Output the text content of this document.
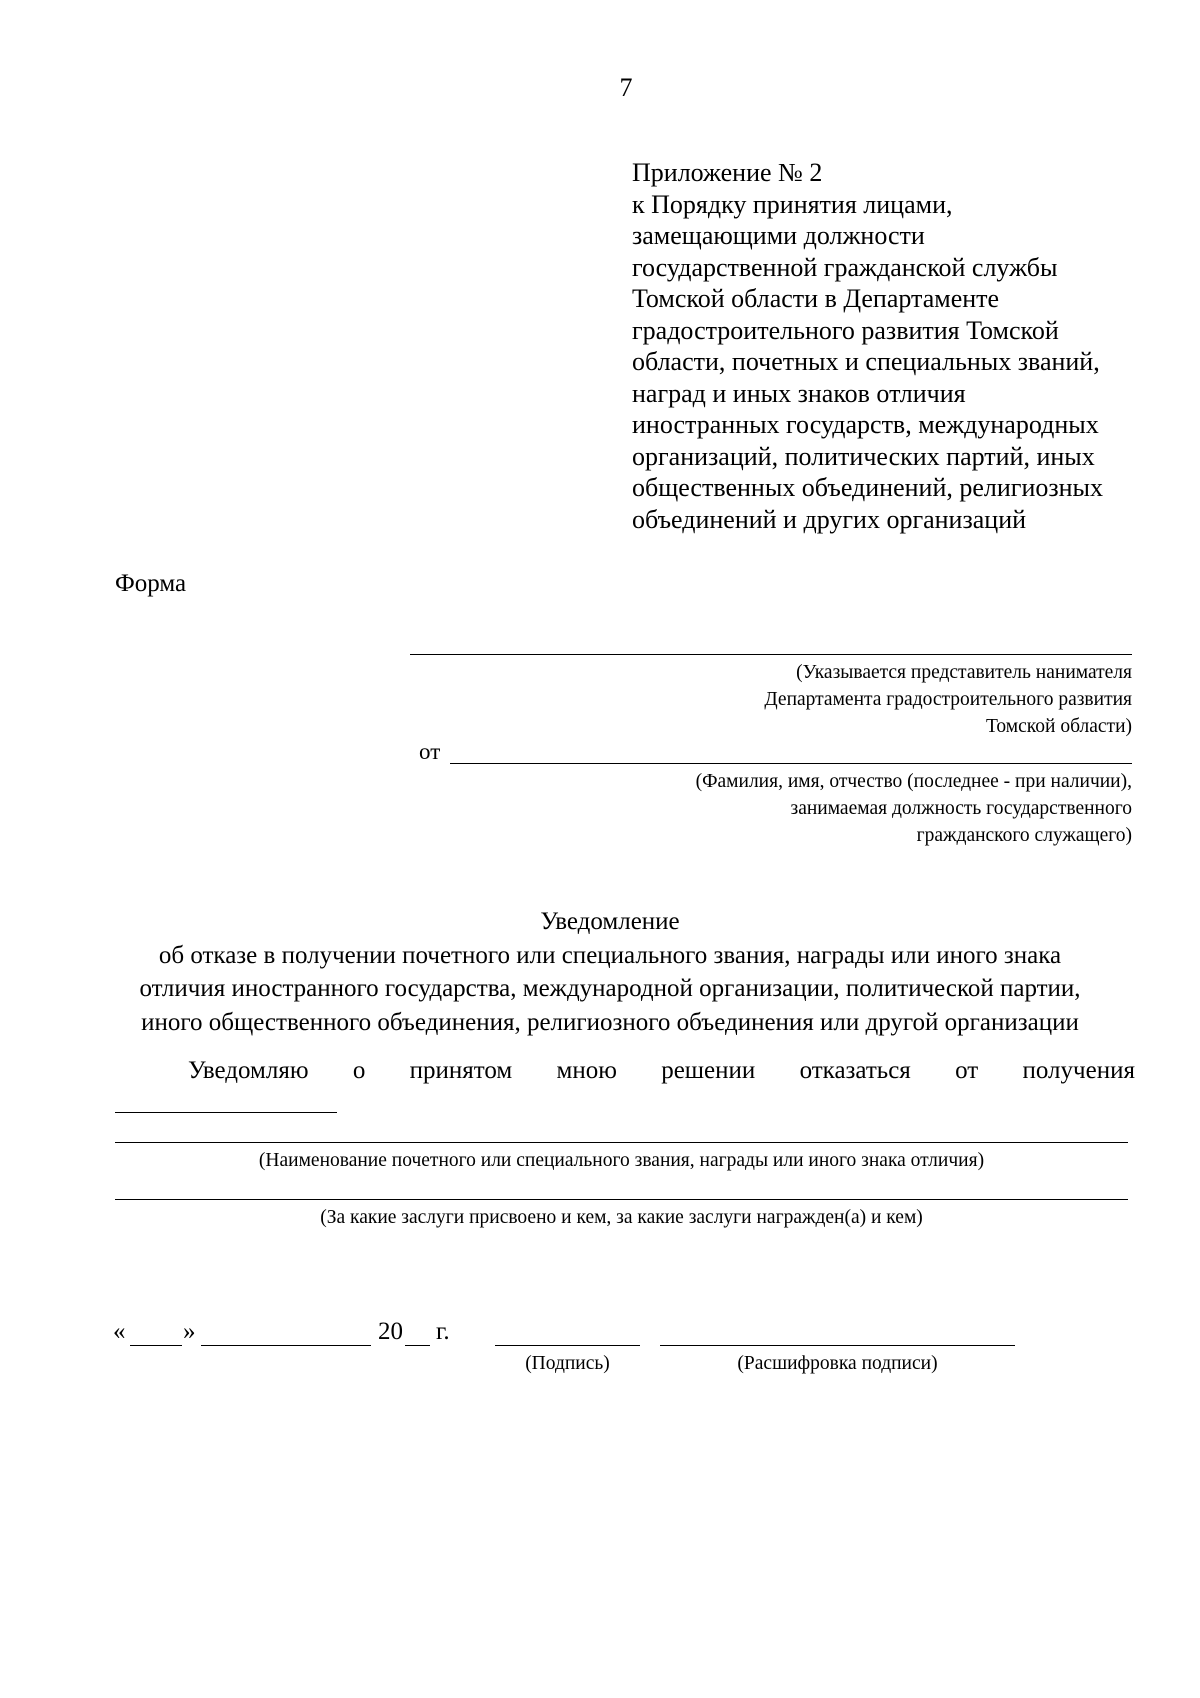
7
Приложение № 2
к Порядку принятия лицами,
замещающими должности
государственной гражданской службы
Томской области в Департаменте
градостроительного развития Томской
области, почетных и специальных званий,
наград и иных знаков отличия
иностранных государств, международных
организаций, политических партий, иных
общественных объединений, религиозных
объединений и других организаций
Форма
(Указывается представитель нанимателя
Департамента градостроительного развития
Томской области)
от
(Фамилия, имя, отчество (последнее - при наличии),
занимаемая должность государственного
гражданского служащего)
Уведомление
об отказе в получении почетного или специального звания, награды или иного знака
отличия иностранного государства, международной организации, политической партии,
иного общественного объединения, религиозного объединения или другой организации
Уведомляю о принятом мною решении отказаться от получения
(Наименование почетного или специального звания, награды или иного знака отличия)
(За какие заслуги присвоено и кем, за какие заслуги награжден(а) и кем)
« »	20 г.
(Подпись)	(Расшифровка подписи)
